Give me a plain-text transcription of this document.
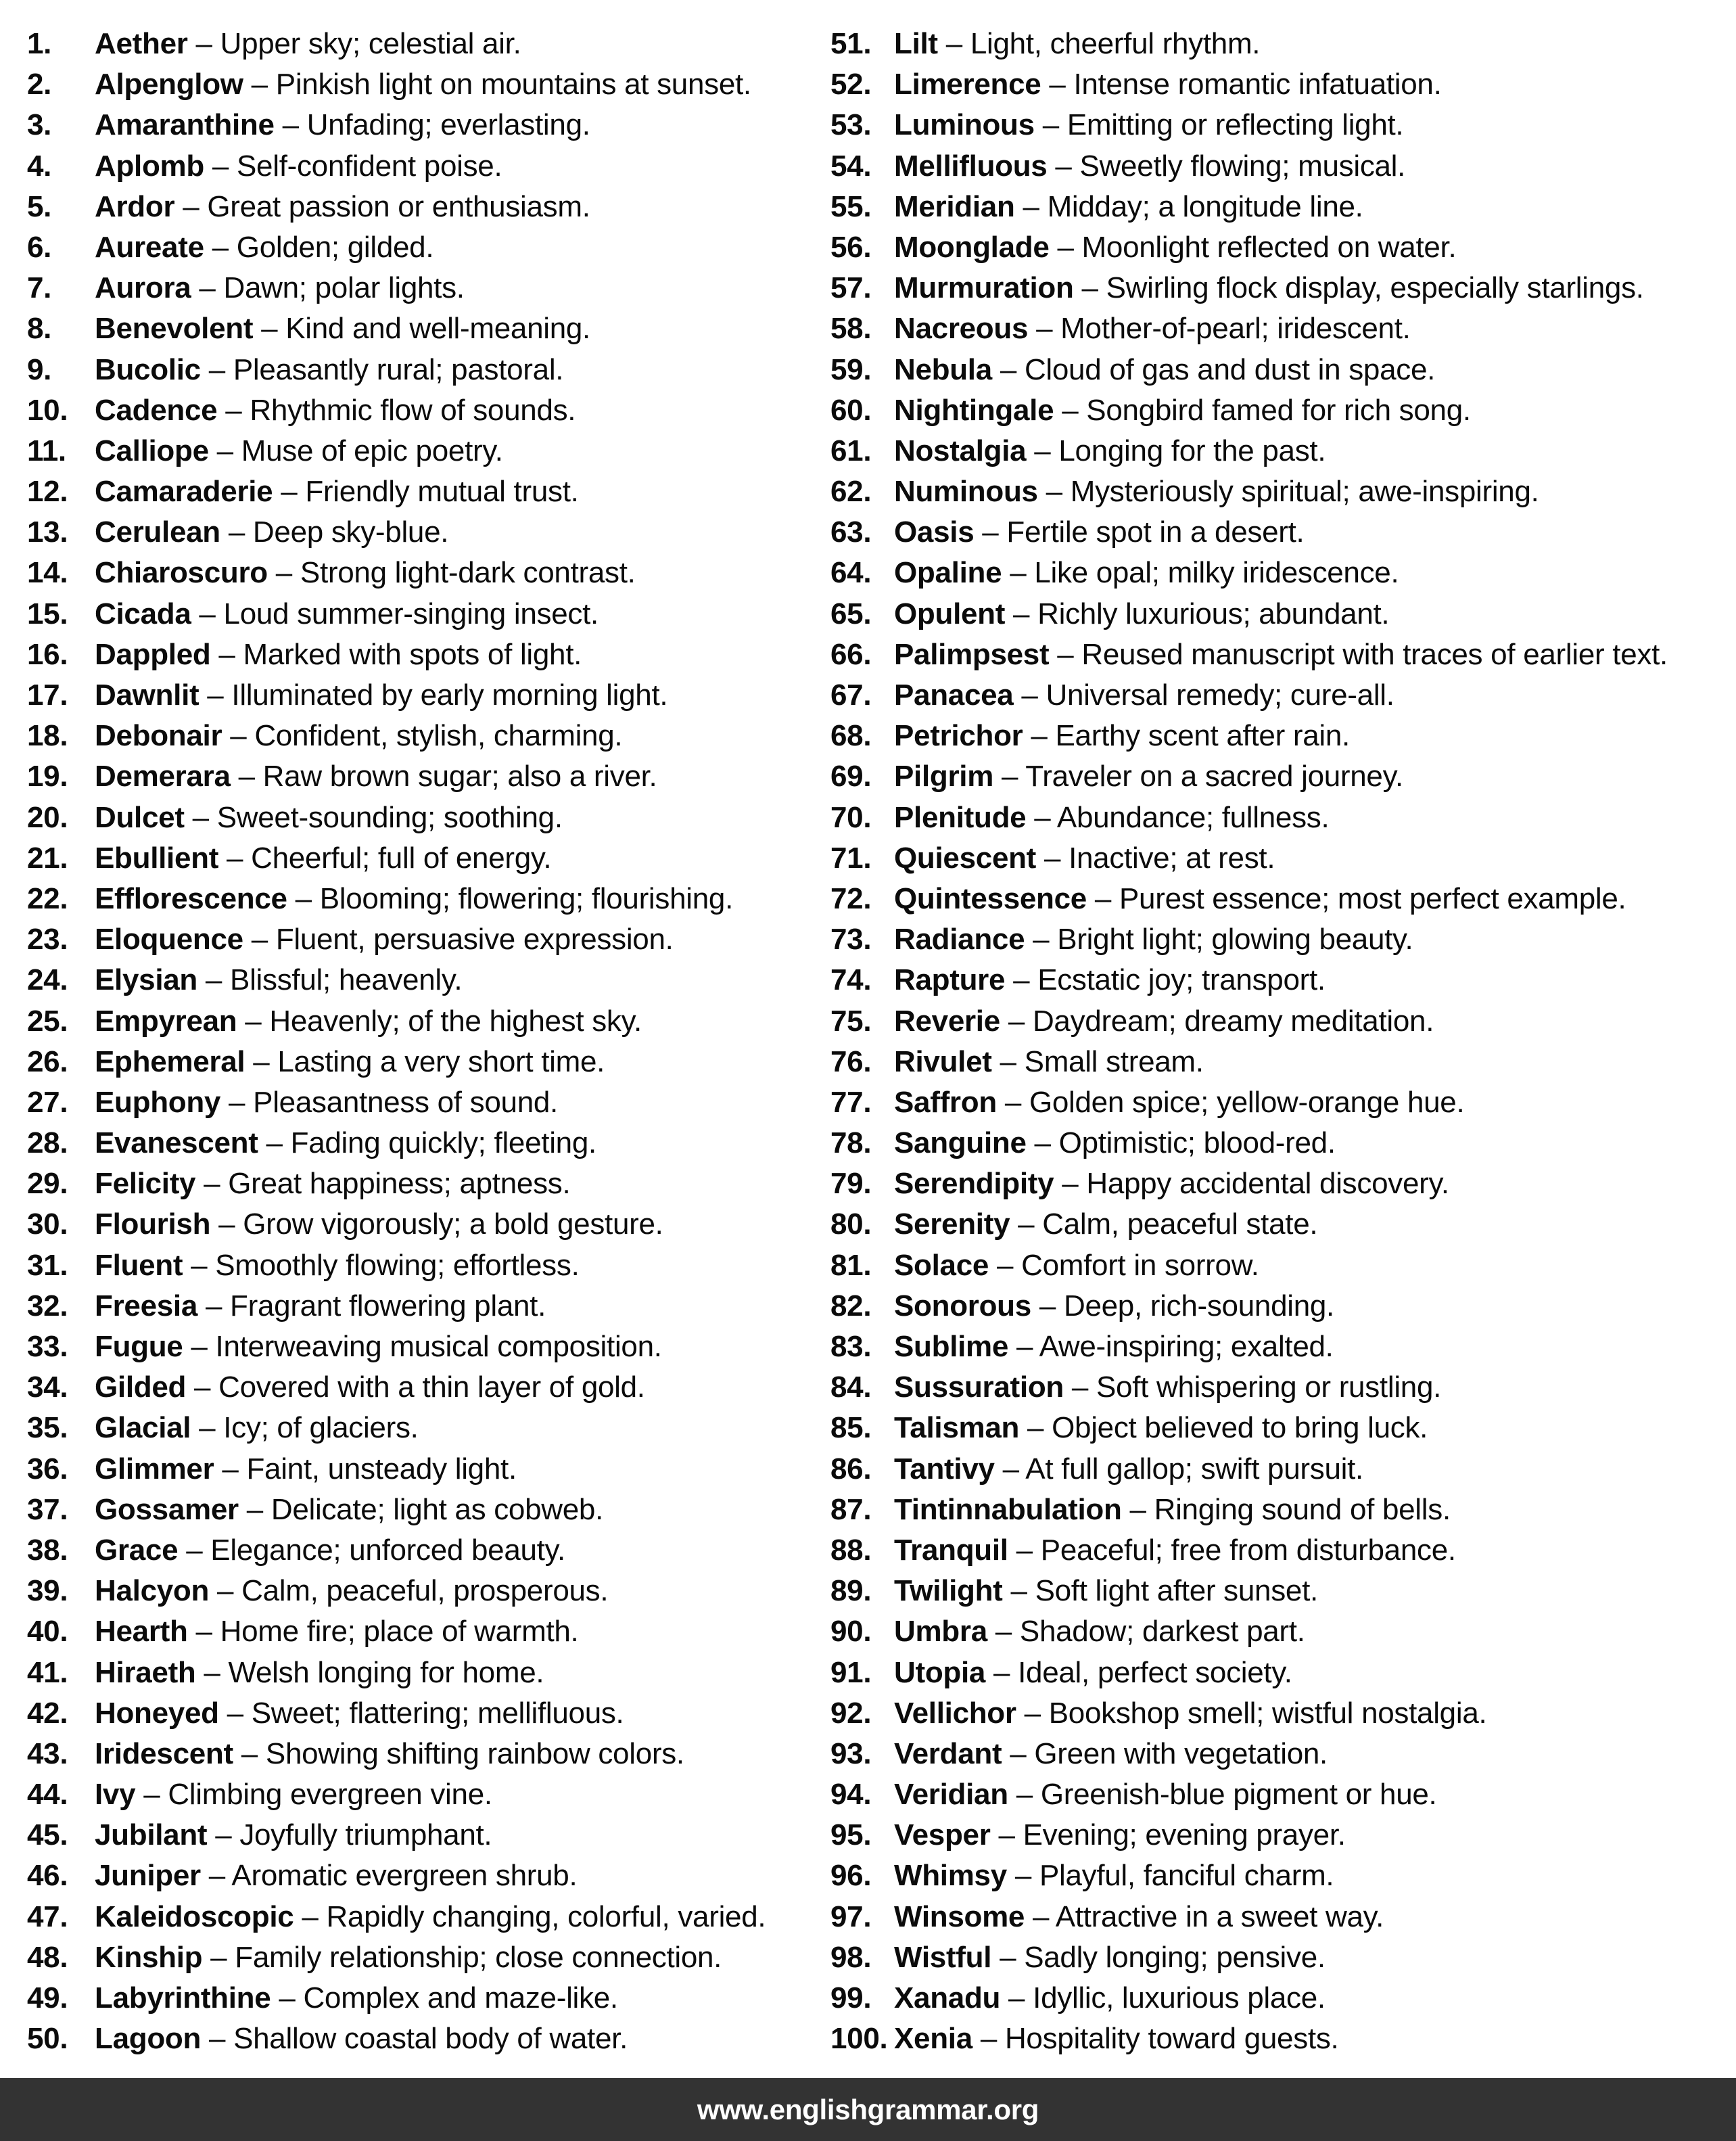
1.	Aether – Upper sky; celestial air.
2.	Alpenglow – Pinkish light on mountains at sunset.
3.	Amaranthine – Unfading; everlasting.
4.	Aplomb – Self-confident poise.
5.	Ardor – Great passion or enthusiasm.
6.	Aureate – Golden; gilded.
7.	Aurora – Dawn; polar lights.
8.	Benevolent – Kind and well-meaning.
9.	Bucolic – Pleasantly rural; pastoral.
10. Cadence – Rhythmic flow of sounds.
11. Calliope – Muse of epic poetry.
12. Camaraderie – Friendly mutual trust.
13. Cerulean – Deep sky-blue.
14. Chiaroscuro – Strong light-dark contrast.
15. Cicada – Loud summer-singing insect.
16. Dappled – Marked with spots of light.
17. Dawnlit – Illuminated by early morning light.
18. Debonair – Confident, stylish, charming.
19. Demerara – Raw brown sugar; also a river.
20. Dulcet – Sweet-sounding; soothing.
21. Ebullient – Cheerful; full of energy.
22. Efflorescence – Blooming; flowering; flourishing.
23. Eloquence – Fluent, persuasive expression.
24. Elysian – Blissful; heavenly.
25. Empyrean – Heavenly; of the highest sky.
26. Ephemeral – Lasting a very short time.
27. Euphony – Pleasantness of sound.
28. Evanescent – Fading quickly; fleeting.
29. Felicity – Great happiness; aptness.
30. Flourish – Grow vigorously; a bold gesture.
31. Fluent – Smoothly flowing; effortless.
32. Freesia – Fragrant flowering plant.
33. Fugue – Interweaving musical composition.
34. Gilded – Covered with a thin layer of gold.
35. Glacial – Icy; of glaciers.
36. Glimmer – Faint, unsteady light.
37. Gossamer – Delicate; light as cobweb.
38. Grace – Elegance; unforced beauty.
39. Halcyon – Calm, peaceful, prosperous.
40. Hearth – Home fire; place of warmth.
41. Hiraeth – Welsh longing for home.
42. Honeyed – Sweet; flattering; mellifluous.
43. Iridescent – Showing shifting rainbow colors.
44. Ivy – Climbing evergreen vine.
45. Jubilant – Joyfully triumphant.
46. Juniper – Aromatic evergreen shrub.
47. Kaleidoscopic – Rapidly changing, colorful, varied.
48. Kinship – Family relationship; close connection.
49. Labyrinthine – Complex and maze-like.
50. Lagoon – Shallow coastal body of water.
51. Lilt – Light, cheerful rhythm.
52. Limerence – Intense romantic infatuation.
53. Luminous – Emitting or reflecting light.
54. Mellifluous – Sweetly flowing; musical.
55. Meridian – Midday; a longitude line.
56. Moonglade – Moonlight reflected on water.
57. Murmuration – Swirling flock display, especially starlings.
58. Nacreous – Mother-of-pearl; iridescent.
59. Nebula – Cloud of gas and dust in space.
60. Nightingale – Songbird famed for rich song.
61. Nostalgia – Longing for the past.
62. Numinous – Mysteriously spiritual; awe-inspiring.
63. Oasis – Fertile spot in a desert.
64. Opaline – Like opal; milky iridescence.
65. Opulent – Richly luxurious; abundant.
66. Palimpsest – Reused manuscript with traces of earlier text.
67. Panacea – Universal remedy; cure-all.
68. Petrichor – Earthy scent after rain.
69. Pilgrim – Traveler on a sacred journey.
70. Plenitude – Abundance; fullness.
71. Quiescent – Inactive; at rest.
72. Quintessence – Purest essence; most perfect example.
73. Radiance – Bright light; glowing beauty.
74. Rapture – Ecstatic joy; transport.
75. Reverie – Daydream; dreamy meditation.
76. Rivulet – Small stream.
77. Saffron – Golden spice; yellow-orange hue.
78. Sanguine – Optimistic; blood-red.
79. Serendipity – Happy accidental discovery.
80. Serenity – Calm, peaceful state.
81. Solace – Comfort in sorrow.
82. Sonorous – Deep, rich-sounding.
83. Sublime – Awe-inspiring; exalted.
84. Sussuration – Soft whispering or rustling.
85. Talisman – Object believed to bring luck.
86. Tantivy – At full gallop; swift pursuit.
87. Tintinnabulation – Ringing sound of bells.
88. Tranquil – Peaceful; free from disturbance.
89. Twilight – Soft light after sunset.
90. Umbra – Shadow; darkest part.
91. Utopia – Ideal, perfect society.
92. Vellichor – Bookshop smell; wistful nostalgia.
93. Verdant – Green with vegetation.
94. Veridian – Greenish-blue pigment or hue.
95. Vesper – Evening; evening prayer.
96. Whimsy – Playful, fanciful charm.
97. Winsome – Attractive in a sweet way.
98. Wistful – Sadly longing; pensive.
99. Xanadu – Idyllic, luxurious place.
100. Xenia – Hospitality toward guests.
www.englishgrammar.org
